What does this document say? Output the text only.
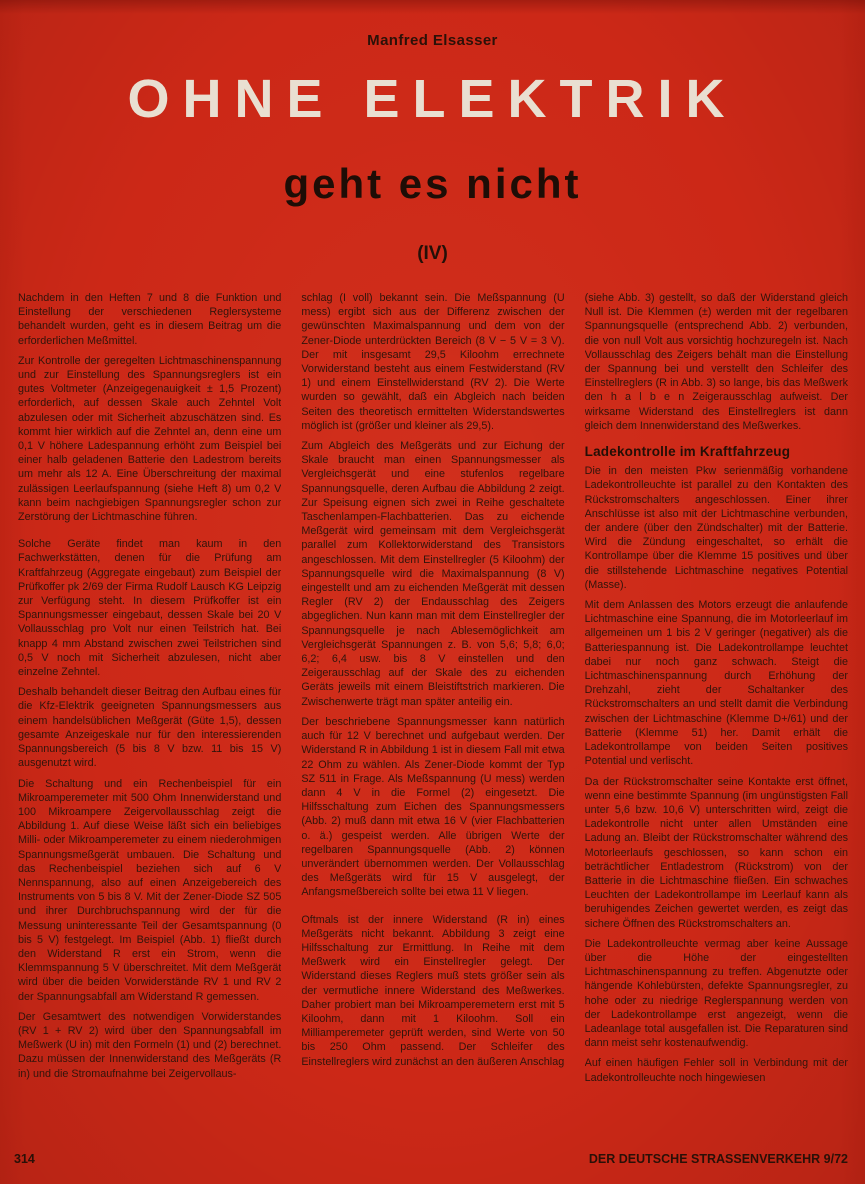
Manfred Elsasser
OHNE ELEKTRIK
geht es nicht
(IV)

Nachdem in den Heften 7 und 8 die Funktion und Einstellung der verschiedenen Reglersysteme behandelt wurden, geht es in diesem Beitrag um die erforderlichen Meßmittel.

Zur Kontrolle der geregelten Lichtmaschinenspannung und zur Einstellung des Spannungsreglers ist ein gutes Voltmeter (Anzeigegenauigkeit ± 1,5 Prozent) erforderlich, auf dessen Skale auch Zehntel Volt abzulesen oder mit Sicherheit abzuschätzen sind. Es kommt hier wirklich auf die Zehntel an, denn eine um 0,1 V höhere Ladespannung erhöht zum Beispiel bei einer halb geladenen Batterie den Ladestrom bereits um mehr als 12 A. Eine Überschreitung der maximal zulässigen Leerlaufspannung (siehe Heft 8) um 0,2 V kann beim nachgiebigen Spannungsregler schon zur Zerstörung der Lichtmaschine führen.

Solche Geräte findet man kaum in den Fachwerkstätten, denen für die Prüfung am Kraftfahrzeug (Aggregate eingebaut) zum Beispiel der Prüfkoffer pk 2/69 der Firma Rudolf Lausch KG Leipzig zur Verfügung steht. In diesem Prüfkoffer ist ein Spannungsmesser eingebaut, dessen Skale bei 20 V Vollausschlag pro Volt nur einen Teilstrich hat. Bei knapp 4 mm Abstand zwischen zwei Teilstrichen sind 0,5 V noch mit Sicherheit abzulesen, nicht aber einzelne Zehntel.

Deshalb behandelt dieser Beitrag den Aufbau eines für die Kfz-Elektrik geeigneten Spannungsmessers aus einem handelsüblichen Meßgerät (Güte 1,5), dessen gesamte Anzeigeskale nur für den interessierenden Spannungsbereich (5 bis 8 V bzw. 11 bis 15 V) ausgenutzt wird.

Die Schaltung und ein Rechenbeispiel für ein Mikroamperemeter mit 500 Ohm Innenwiderstand und 100 Mikroampere Zeigervollausschlag zeigt die Abbildung 1. Auf diese Weise läßt sich ein beliebiges Milli- oder Mikroamperemeter zu einem niederohmigen Spannungsmeßgerät umbauen. Die Schaltung und das Rechenbeispiel beziehen sich auf 6 V Nennspannung, also auf einen Anzeigebereich des Instruments von 5 bis 8 V. Mit der Zener-Diode SZ 505 und ihrer Durchbruchspannung wird der für die Messung uninteressante Teil der Gesamtspannung (0 bis 5 V) festgelegt. Im Beispiel (Abb. 1) fließt durch den Widerstand R erst ein Strom, wenn die Klemmspannung 5 V überschreitet. Mit dem Meßgerät wird über die beiden Vorwiderstände RV 1 und RV 2 der Spannungsabfall am Widerstand R gemessen.

Der Gesamtwert des notwendigen Vorwiderstandes (RV 1 + RV 2) wird über den Spannungsabfall im Meßwerk (U in) mit den Formeln (1) und (2) berechnet. Dazu müssen der Innenwiderstand des Meßgeräts (R in) und die Stromaufnahme bei Zeigervollaus-

schlag (I voll) bekannt sein. Die Meßspannung (U mess) ergibt sich aus der Differenz zwischen der gewünschten Maximalspannung und dem von der Zener-Diode unterdrückten Bereich (8 V − 5 V = 3 V). Der mit insgesamt 29,5 Kiloohm errechnete Vorwiderstand besteht aus einem Festwiderstand (RV 1) und einem Einstellwiderstand (RV 2). Die Werte wurden so gewählt, daß ein Abgleich nach beiden Seiten des theoretisch ermittelten Widerstandswertes möglich ist (größer und kleiner als 29,5).

Zum Abgleich des Meßgeräts und zur Eichung der Skale braucht man einen Spannungsmesser als Vergleichsgerät und eine stufenlos regelbare Spannungsquelle, deren Aufbau die Abbildung 2 zeigt. Zur Speisung eignen sich zwei in Reihe geschaltete Taschenlampen-Flachbatterien. Das zu eichende Meßgerät wird gemeinsam mit dem Vergleichsgerät parallel zum Kollektorwiderstand des Transistors angeschlossen. Mit dem Einstellregler (5 Kiloohm) der Spannungsquelle wird die Maximalspannung (8 V) eingestellt und am zu eichenden Meßgerät mit dessen Regler (RV 2) der Endausschlag des Zeigers abgeglichen. Nun kann man mit dem Einstellregler der Spannungsquelle je nach Ablesemöglichkeit am Vergleichsgerät Spannungen z. B. von 5,6; 5,8; 6,0; 6,2; 6,4 usw. bis 8 V einstellen und den Zeigerausschlag auf der Skale des zu eichenden Geräts jeweils mit einem Bleistiftstrich markieren. Die Zwischenwerte trägt man später anteilig ein.

Der beschriebene Spannungsmesser kann natürlich auch für 12 V berechnet und aufgebaut werden. Der Widerstand R in Abbildung 1 ist in diesem Fall mit etwa 22 Ohm zu wählen. Als Zener-Diode kommt der Typ SZ 511 in Frage. Als Meßspannung (U mess) werden dann 4 V in die Formel (2) eingesetzt. Die Hilfsschaltung zum Eichen des Spannungsmessers (Abb. 2) muß dann mit etwa 16 V (vier Flachbatterien o. ä.) gespeist werden. Alle übrigen Werte der regelbaren Spannungsquelle (Abb. 2) können unverändert übernommen werden. Der Vollausschlag des Meßgeräts wird für 15 V ausgelegt, der Anfangsmeßbereich sollte bei etwa 11 V liegen.

Oftmals ist der innere Widerstand (R in) eines Meßgeräts nicht bekannt. Abbildung 3 zeigt eine Hilfsschaltung zur Ermittlung. In Reihe mit dem Meßwerk wird ein Einstellregler gelegt. Der Widerstand dieses Reglers muß stets größer sein als der vermutliche innere Widerstand des Meßwerkes. Daher probiert man bei Mikroamperemetern erst mit 5 Kiloohm, dann mit 1 Kiloohm. Soll ein Milliamperemeter geprüft werden, sind Werte von 50 bis 250 Ohm passend. Der Schleifer des Einstellreglers wird zunächst an den äußeren Anschlag

(siehe Abb. 3) gestellt, so daß der Widerstand gleich Null ist. Die Klemmen (±) werden mit der regelbaren Spannungsquelle (entsprechend Abb. 2) verbunden, die von null Volt aus vorsichtig hochzuregeln ist. Nach Vollausschlag des Zeigers behält man die Einstellung der Spannung bei und verstellt den Schleifer des Einstellreglers (R in Abb. 3) so lange, bis das Meßwerk den h a l b e n Zeigerausschlag aufweist. Der wirksame Widerstand des Einstellreglers ist dann gleich dem Innenwiderstand des Meßwerkes.

Ladekontrolle im Kraftfahrzeug

Die in den meisten Pkw serienmäßig vorhandene Ladekontrolleuchte ist parallel zu den Kontakten des Rückstromschalters angeschlossen. Einer ihrer Anschlüsse ist also mit der Lichtmaschine verbunden, der andere (über den Zündschalter) mit der Batterie. Wird die Zündung eingeschaltet, so erhält die Kontrollampe über die Klemme 15 positives und über die stillstehende Lichtmaschine negatives Potential (Masse).

Mit dem Anlassen des Motors erzeugt die anlaufende Lichtmaschine eine Spannung, die im Motorleerlauf im allgemeinen um 1 bis 2 V geringer (negativer) als die Batteriespannung ist. Die Ladekontrollampe leuchtet dabei nur noch ganz schwach. Steigt die Lichtmaschinenspannung durch Erhöhung der Drehzahl, zieht der Schaltanker des Rückstromschalters an und stellt damit die Verbindung zwischen der Lichtmaschine (Klemme D+/61) und der Batterie (Klemme 51) her. Damit erhält die Ladekontrollampe von beiden Seiten positives Potential und verlischt.

Da der Rückstromschalter seine Kontakte erst öffnet, wenn eine bestimmte Spannung (im ungünstigsten Fall unter 5,6 bzw. 10,6 V) unterschritten wird, zeigt die Ladekontrolle nicht unter allen Umständen eine Ladung an. Bleibt der Rückstromschalter während des Motorleerlaufs geschlossen, so kann schon ein beträchtlicher Entladestrom (Rückstrom) von der Batterie in die Lichtmaschine fließen. Ein schwaches Leuchten der Ladekontrollampe im Leerlauf kann als beruhigendes Zeichen gewertet werden, es zeigt das sichere Öffnen des Rückstromschalters an.

Die Ladekontrolleuchte vermag aber keine Aussage über die Höhe der eingestellten Lichtmaschinenspannung zu treffen. Abgenutzte oder hängende Kohlebürsten, defekte Spannungsregler, zu hohe oder zu niedrige Reglerspannung werden von der Ladekontrollampe erst angezeigt, wenn die Ladeanlage total ausgefallen ist. Die Reparaturen sind dann meist sehr kostenaufwendig.

Auf einen häufigen Fehler soll in Verbindung mit der Ladekontrolleuchte noch hingewiesen

314	DER DEUTSCHE STRASSENVERKEHR 9/72
